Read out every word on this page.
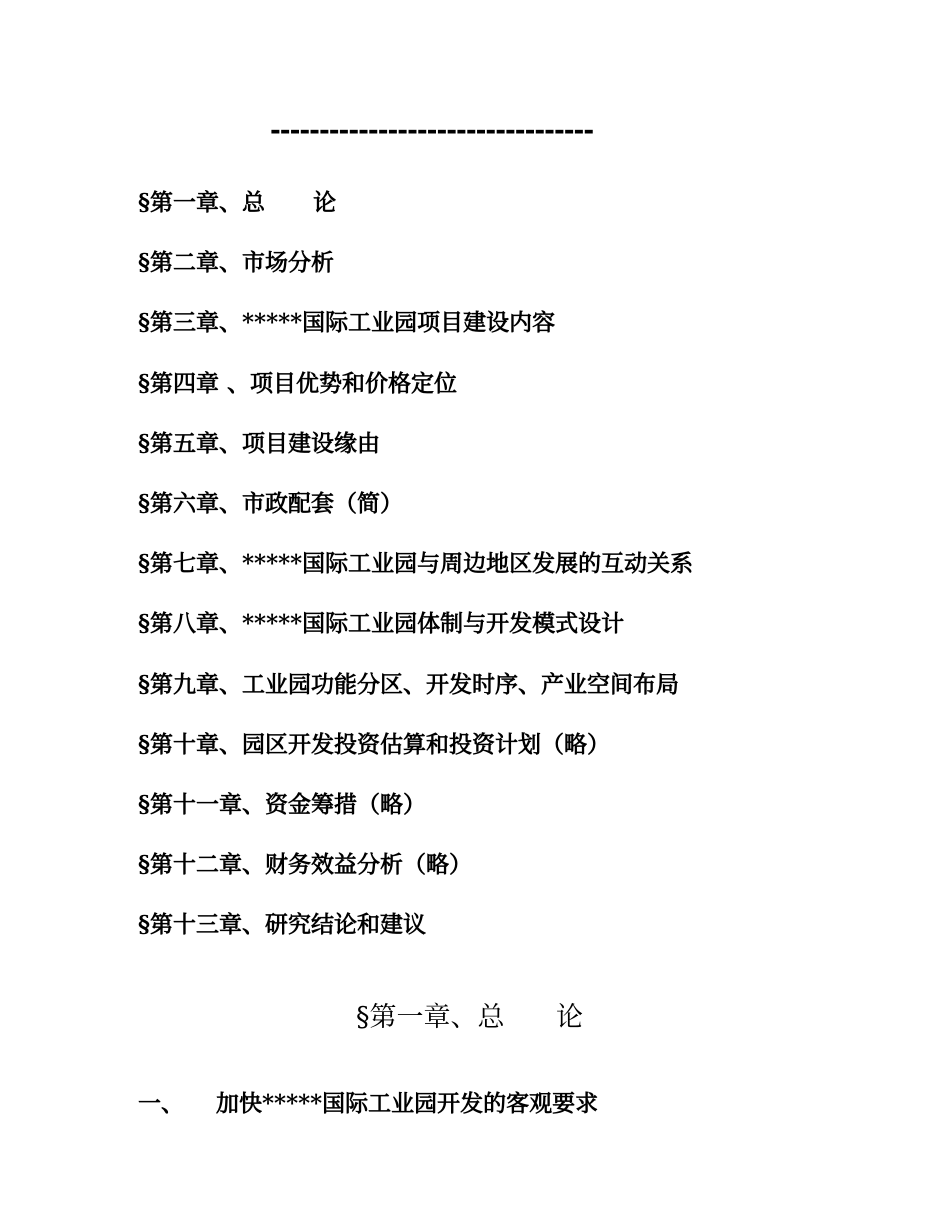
---------------------------------
§第一章、总      论
§第二章、市场分析
§第三章、*****国际工业园项目建设内容
§第四章 、项目优势和价格定位
§第五章、项目建设缘由
§第六章、市政配套（简）
§第七章、*****国际工业园与周边地区发展的互动关系
§第八章、*****国际工业园体制与开发模式设计
§第九章、工业园功能分区、开发时序、产业空间布局
§第十章、园区开发投资估算和投资计划（略）
§第十一章、资金筹措（略）
§第十二章、财务效益分析（略）
§第十三章、研究结论和建议
§第一章、总      论
一、    加快*****国际工业园开发的客观要求
